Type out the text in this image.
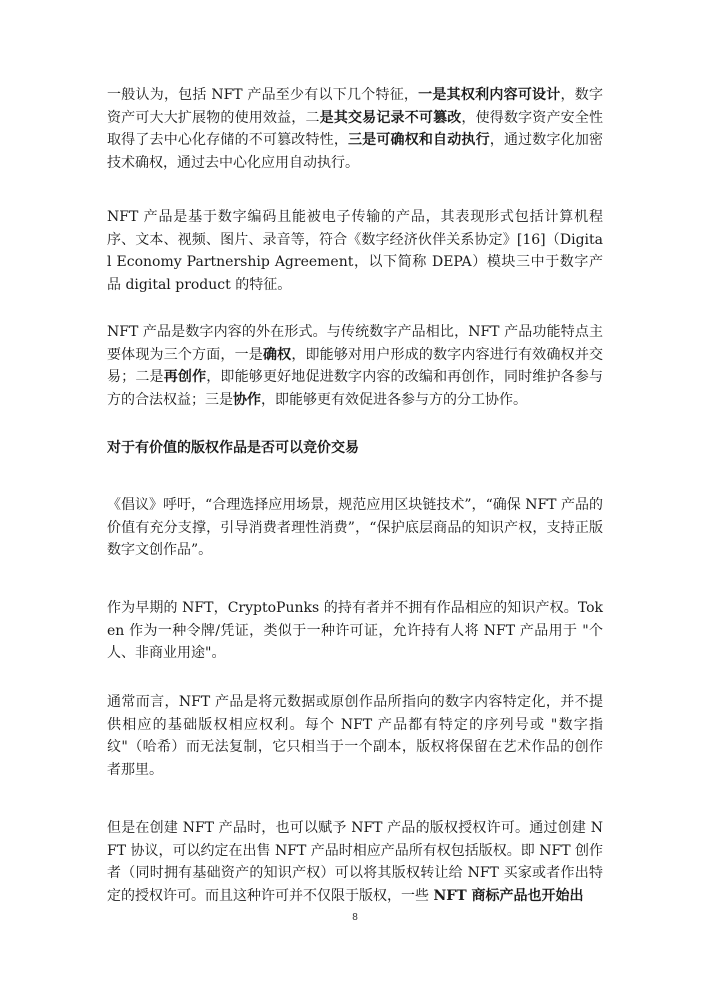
一般认为，包括 NFT 产品至少有以下几个特征，一是其权利内容可设计，数字资产可大大扩展物的使用效益，二是其交易记录不可篡改，使得数字资产安全性取得了去中心化存储的不可篡改特性，三是可确权和自动执行，通过数字化加密技术确权，通过去中心化应用自动执行。

NFT 产品是基于数字编码且能被电子传输的产品，其表现形式包括计算机程序、文本、视频、图片、录音等，符合《数字经济伙伴关系协定》[16]（Digital Economy Partnership Agreement，以下简称 DEPA）模块三中于数字产品 digital product 的特征。

NFT 产品是数字内容的外在形式。与传统数字产品相比，NFT 产品功能特点主要体现为三个方面，一是确权，即能够对用户形成的数字内容进行有效确权并交易；二是再创作，即能够更好地促进数字内容的改编和再创作，同时维护各参与方的合法权益；三是协作，即能够更有效促进各参与方的分工协作。

对于有价值的版权作品是否可以竞价交易

《倡议》呼吁，“合理选择应用场景，规范应用区块链技术”，“确保 NFT 产品的价值有充分支撑，引导消费者理性消费”，“保护底层商品的知识产权，支持正版数字文创作品”。

作为早期的 NFT，CryptoPunks 的持有者并不拥有作品相应的知识产权。Token 作为一种令牌/凭证，类似于一种许可证，允许持有人将 NFT 产品用于 "个人、非商业用途"。

通常而言，NFT 产品是将元数据或原创作品所指向的数字内容特定化，并不提供相应的基础版权相应权利。每个 NFT 产品都有特定的序列号或 "数字指纹"（哈希）而无法复制，它只相当于一个副本，版权将保留在艺术作品的创作者那里。

但是在创建 NFT 产品时，也可以赋予 NFT 产品的版权授权许可。通过创建 NFT 协议，可以约定在出售 NFT 产品时相应产品所有权包括版权。即 NFT 创作者（同时拥有基础资产的知识产权）可以将其版权转让给 NFT 买家或者作出特定的授权许可。而且这种许可并不仅限于版权，一些 NFT 商标产品也开始出

8
